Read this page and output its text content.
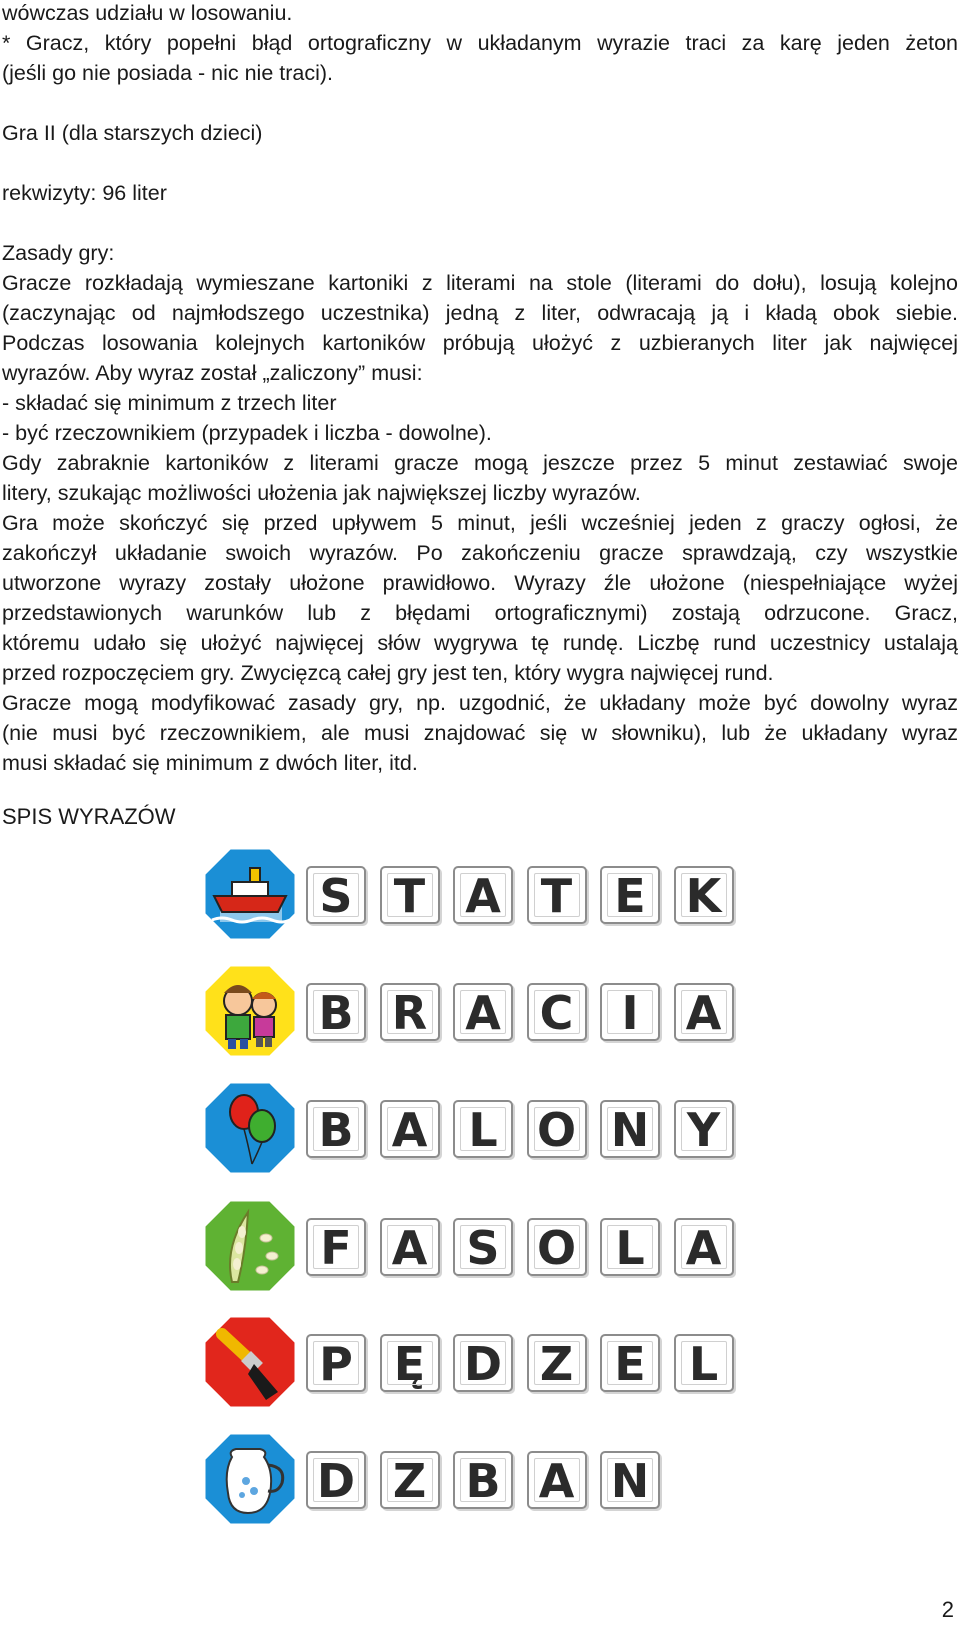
wówczas udziału w losowaniu.
* Gracz, który popełni błąd ortograficzny w układanym wyrazie traci za karę jeden żeton
(jeśli go nie posiada - nic nie traci).
Gra II (dla starszych dzieci)
rekwizyty: 96 liter
Zasady gry:
Gracze rozkładają wymieszane kartoniki z literami na stole (literami do dołu), losują kolejno
(zaczynając od najmłodszego uczestnika) jedną z liter, odwracają ją i kładą obok siebie.
Podczas losowania kolejnych kartoników próbują ułożyć z uzbieranych liter jak najwięcej
wyrazów. Aby wyraz został „zaliczony” musi:
- składać się minimum z trzech liter
- być rzeczownikiem (przypadek i liczba - dowolne).
Gdy zabraknie kartoników z literami gracze mogą jeszcze przez 5 minut zestawiać swoje
litery, szukając możliwości ułożenia jak największej liczby wyrazów.
Gra może skończyć się przed upływem 5 minut, jeśli wcześniej jeden z graczy ogłosi, że
zakończył układanie swoich wyrazów. Po zakończeniu gracze sprawdzają, czy wszystkie
utworzone wyrazy zostały ułożone prawidłowo. Wyrazy źle ułożone (niespełniające wyżej
przedstawionych warunków lub z błędami ortograficznymi) zostają odrzucone. Gracz,
któremu udało się ułożyć najwięcej słów wygrywa tę rundę. Liczbę rund uczestnicy ustalają
przed rozpoczęciem gry. Zwycięzcą całej gry jest ten, który wygra najwięcej rund.
Gracze mogą modyfikować zasady gry, np. uzgodnić, że układany może być dowolny wyraz
(nie musi być rzeczownikiem, ale musi znajdować się w słowniku), lub że układany wyraz
musi składać się minimum z dwóch liter, itd.
SPIS WYRAZÓW
S T A T E K
B R A C	I	A
B A L O N Y
F A S O L A
P Ę D Z E L
D Z B A N
2
